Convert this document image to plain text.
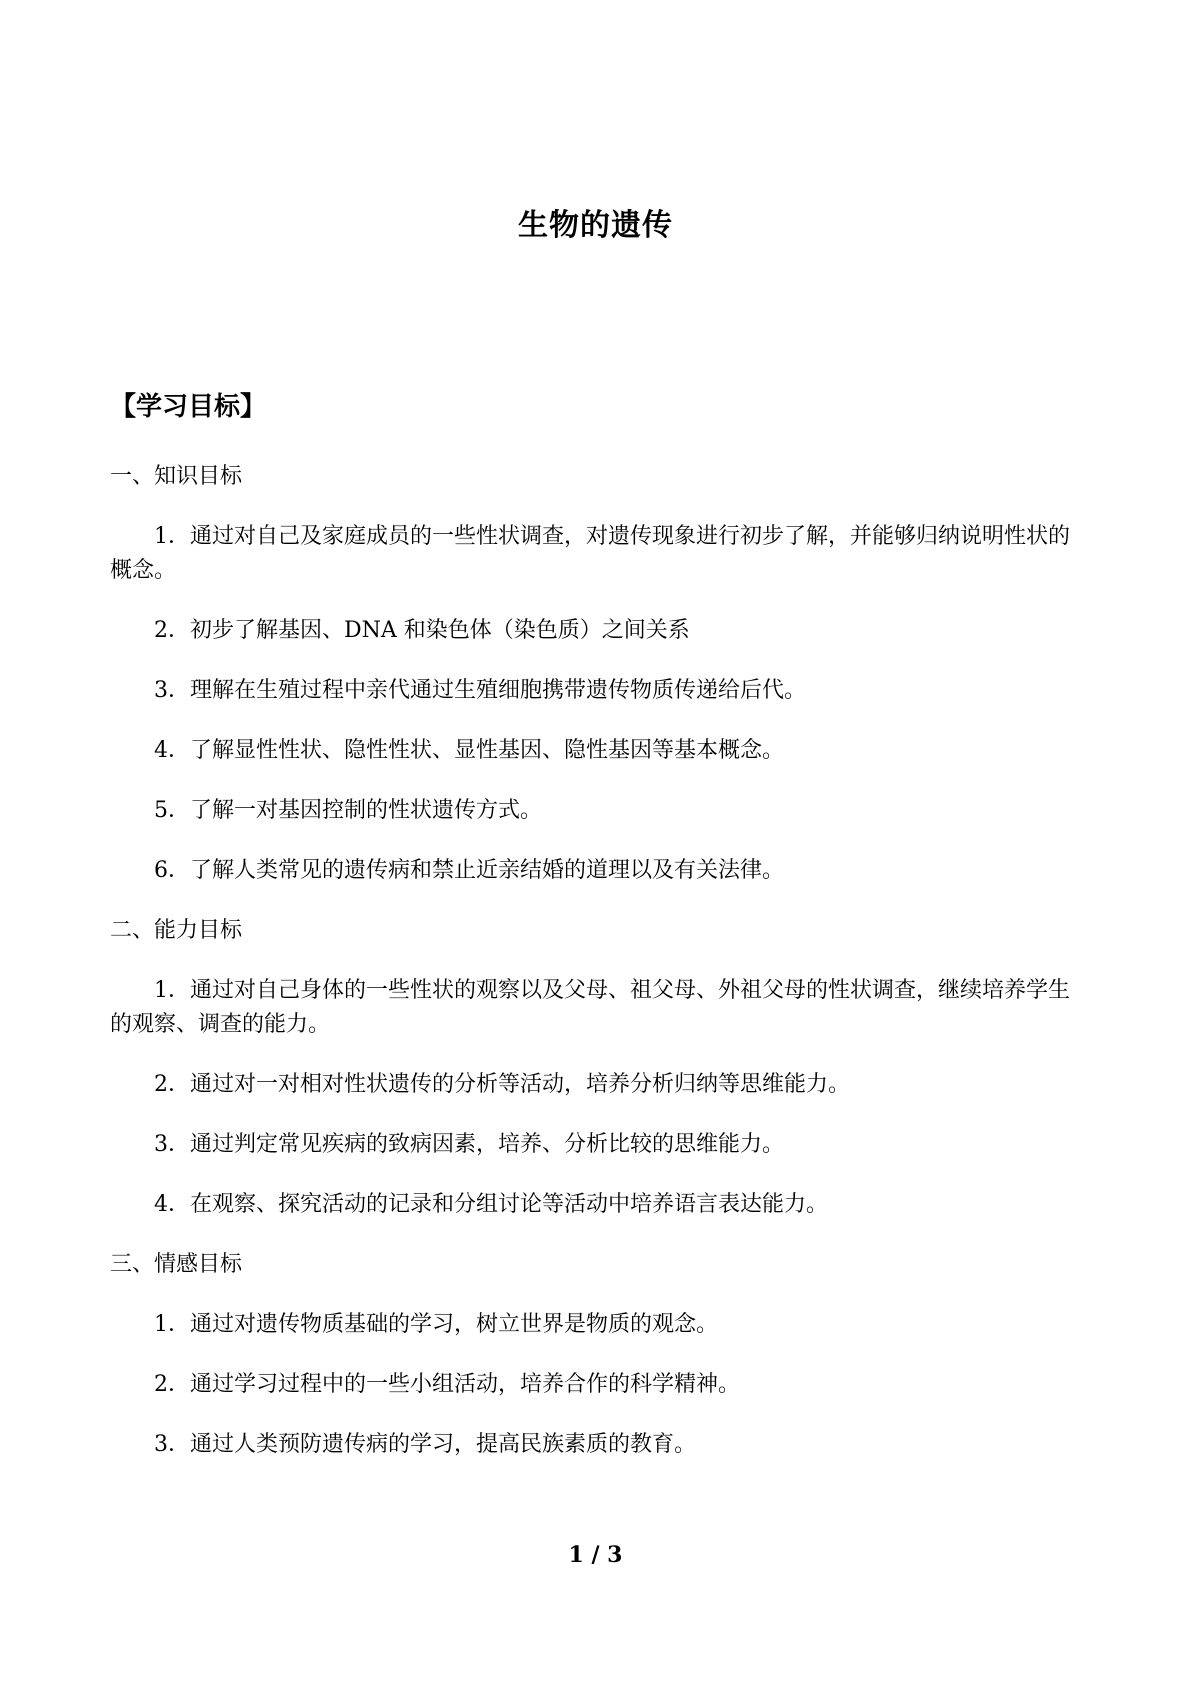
生物的遗传
【学习目标】

一、知识目标

1．通过对自己及家庭成员的一些性状调查，对遗传现象进行初步了解，并能够归纳说明性状的概念。

2．初步了解基因、DNA 和染色体（染色质）之间关系

3．理解在生殖过程中亲代通过生殖细胞携带遗传物质传递给后代。

4．了解显性性状、隐性性状、显性基因、隐性基因等基本概念。

5．了解一对基因控制的性状遗传方式。

6．了解人类常见的遗传病和禁止近亲结婚的道理以及有关法律。

二、能力目标

1．通过对自己身体的一些性状的观察以及父母、祖父母、外祖父母的性状调查，继续培养学生的观察、调查的能力。

2．通过对一对相对性状遗传的分析等活动，培养分析归纳等思维能力。

3．通过判定常见疾病的致病因素，培养、分析比较的思维能力。

4．在观察、探究活动的记录和分组讨论等活动中培养语言表达能力。

三、情感目标

1．通过对遗传物质基础的学习，树立世界是物质的观念。

2．通过学习过程中的一些小组活动，培养合作的科学精神。

3．通过人类预防遗传病的学习，提高民族素质的教育。

1 / 3
